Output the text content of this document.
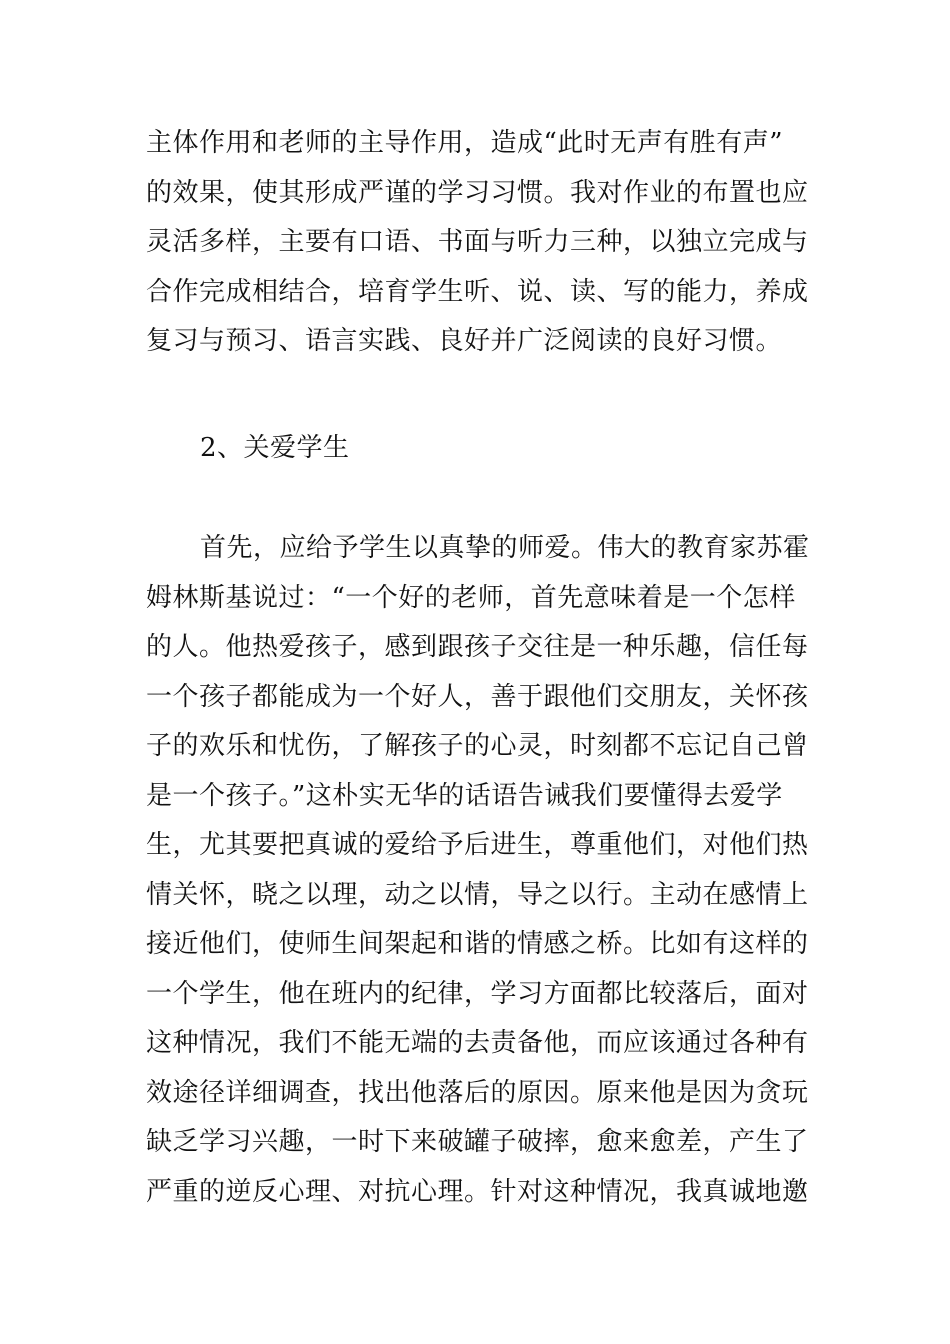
主体作用和老师的主导作用，造成“此时无声有胜有声”
的效果，使其形成严谨的学习习惯。我对作业的布置也应
灵活多样，主要有口语、书面与听力三种，以独立完成与
合作完成相结合，培育学生听、说、读、写的能力，养成
复习与预习、语言实践、良好并广泛阅读的良好习惯。
2、关爱学生
首先，应给予学生以真挚的师爱。伟大的教育家苏霍
姆林斯基说过：“一个好的老师，首先意味着是一个怎样
的人。他热爱孩子，感到跟孩子交往是一种乐趣，信任每
一个孩子都能成为一个好人，善于跟他们交朋友，关怀孩
子的欢乐和忧伤，了解孩子的心灵，时刻都不忘记自己曾
是一个孩子。”这朴实无华的话语告诫我们要懂得去爱学
生，尤其要把真诚的爱给予后进生，尊重他们，对他们热
情关怀，晓之以理，动之以情，导之以行。主动在感情上
接近他们，使师生间架起和谐的情感之桥。比如有这样的
一个学生，他在班内的纪律，学习方面都比较落后，面对
这种情况，我们不能无端的去责备他，而应该通过各种有
效途径详细调查，找出他落后的原因。原来他是因为贪玩
缺乏学习兴趣，一时下来破罐子破摔，愈来愈差，产生了
严重的逆反心理、对抗心理。针对这种情况，我真诚地邀
